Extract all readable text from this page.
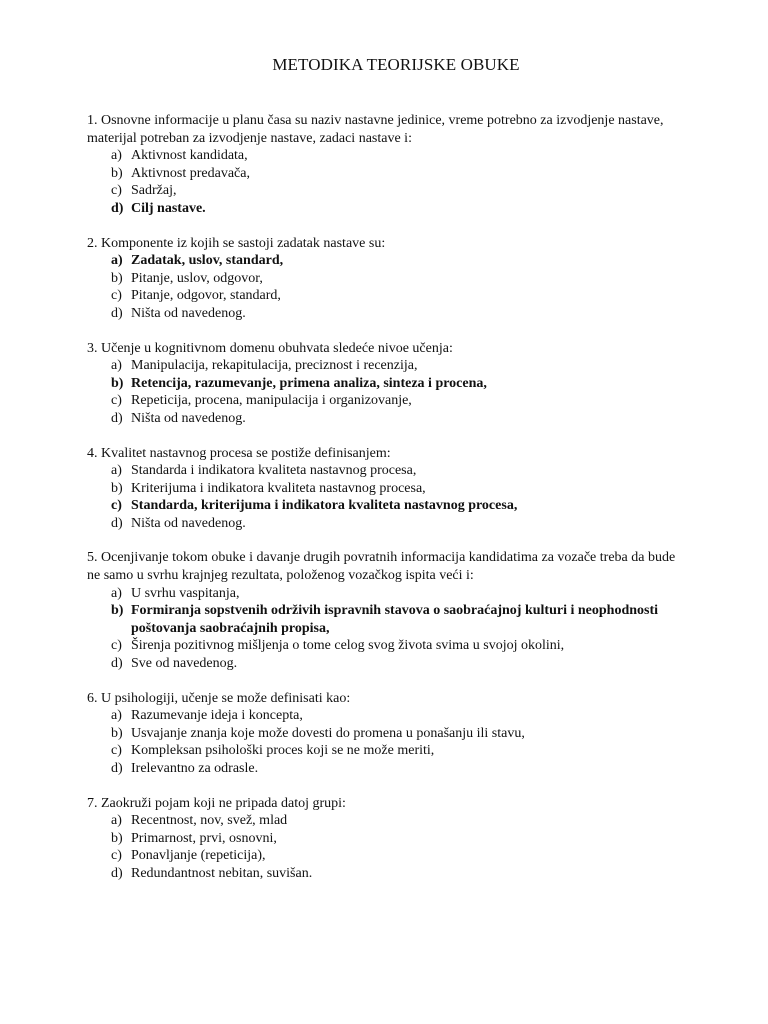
METODIKA TEORIJSKE OBUKE

1. Osnovne informacije u planu časa su naziv nastavne jedinice, vreme potrebno za izvodjenje nastave, materijal potreban za izvodjenje nastave, zadaci nastave i:

a) Aktivnost kandidata,
b) Aktivnost predavača,
c) Sadržaj,
d) Cilj nastave.

2. Komponente iz kojih se sastoji zadatak nastave su:

a) Zadatak, uslov, standard,
b) Pitanje, uslov, odgovor,
c) Pitanje, odgovor, standard,
d) Ništa od navedenog.

3. Učenje u kognitivnom domenu obuhvata sledeće nivoe učenja:

a) Manipulacija, rekapitulacija, preciznost i recenzija,
b) Retencija, razumevanje, primena analiza, sinteza i procena,
c) Repeticija, procena, manipulacija i organizovanje,
d) Ništa od navedenog.

4. Kvalitet nastavnog procesa se postiže definisanjem:

a) Standarda i indikatora kvaliteta nastavnog procesa,
b) Kriterijuma i indikatora kvaliteta nastavnog procesa,
c) Standarda, kriterijuma i indikatora kvaliteta nastavnog procesa,
d) Ništa od navedenog.

5. Ocenjivanje tokom obuke i davanje drugih povratnih informacija kandidatima za vozače treba da bude ne samo u svrhu krajnjeg rezultata, položenog vozačkog ispita veći i:

a) U svrhu vaspitanja,
b) Formiranja sopstvenih održivih ispravnih stavova o saobraćajnoj kulturi i neophodnosti poštovanja saobraćajnih propisa,
c) Širenja pozitivnog mišljenja o tome celog svog života svima u svojoj okolini,
d) Sve od navedenog.

6. U psihologiji, učenje se može definisati kao:

a) Razumevanje ideja i koncepta,
b) Usvajanje znanja koje može dovesti do promena u ponašanju ili stavu,
c) Kompleksan psihološki proces koji se ne može meriti,
d) Irelevantno za odrasle.

7. Zaokruži pojam koji ne pripada datoj grupi:

a) Recentnost, nov, svež, mlad
b) Primarnost, prvi, osnovni,
c) Ponavljanje (repeticija),
d) Redundantnost nebitan, suvišan.
